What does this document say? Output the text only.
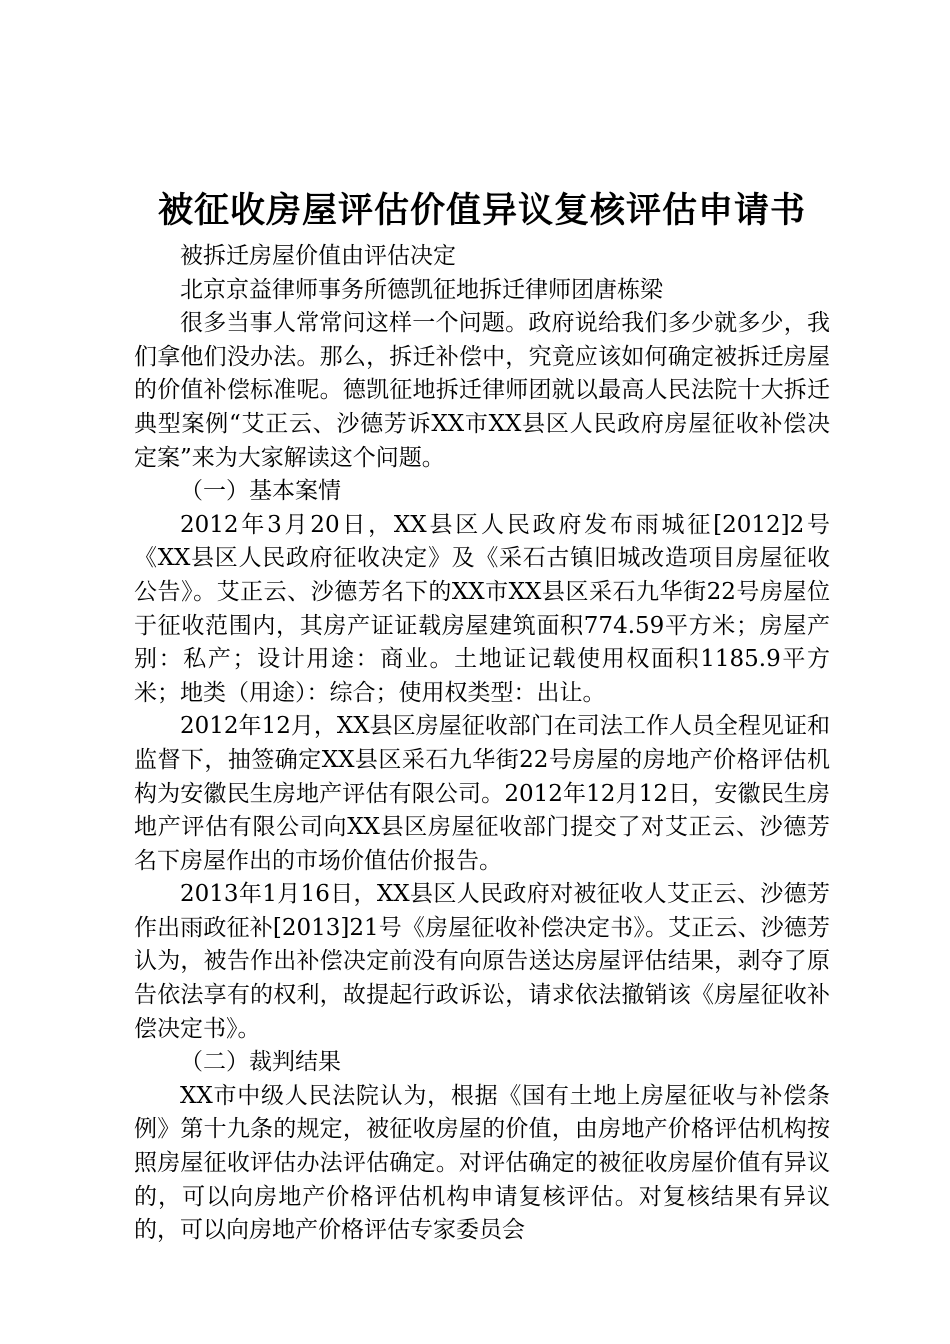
被征收房屋评估价值异议复核评估申请书

被拆迁房屋价值由评估决定

北京京益律师事务所德凯征地拆迁律师团唐栋梁

很多当事人常常问这样一个问题。政府说给我们多少就多少，我们拿他们没办法。那么，拆迁补偿中，究竟应该如何确定被拆迁房屋的价值补偿标准呢。德凯征地拆迁律师团就以最高人民法院十大拆迁典型案例“艾正云、沙德芳诉XX市XX县区人民政府房屋征收补偿决定案”来为大家解读这个问题。

（一）基本案情

2012年3月20日，XX县区人民政府发布雨城征[2012]2号《XX县区人民政府征收决定》及《采石古镇旧城改造项目房屋征收公告》。艾正云、沙德芳名下的XX市XX县区采石九华街22号房屋位于征收范围内，其房产证证载房屋建筑面积774.59平方米；房屋产别：私产；设计用途：商业。土地证记载使用权面积1185.9平方米；地类（用途）：综合；使用权类型：出让。

2012年12月，XX县区房屋征收部门在司法工作人员全程见证和监督下，抽签确定XX县区采石九华街22号房屋的房地产价格评估机构为安徽民生房地产评估有限公司。2012年12月12日，安徽民生房地产评估有限公司向XX县区房屋征收部门提交了对艾正云、沙德芳名下房屋作出的市场价值估价报告。

2013年1月16日，XX县区人民政府对被征收人艾正云、沙德芳作出雨政征补[2013]21号《房屋征收补偿决定书》。艾正云、沙德芳认为，被告作出补偿决定前没有向原告送达房屋评估结果，剥夺了原告依法享有的权利，故提起行政诉讼，请求依法撤销该《房屋征收补偿决定书》。

（二）裁判结果

XX市中级人民法院认为，根据《国有土地上房屋征收与补偿条例》第十九条的规定，被征收房屋的价值，由房地产价格评估机构按照房屋征收评估办法评估确定。对评估确定的被征收房屋价值有异议的，可以向房地产价格评估机构申请复核评估。对复核结果有异议的，可以向房地产价格评估专家委员会
